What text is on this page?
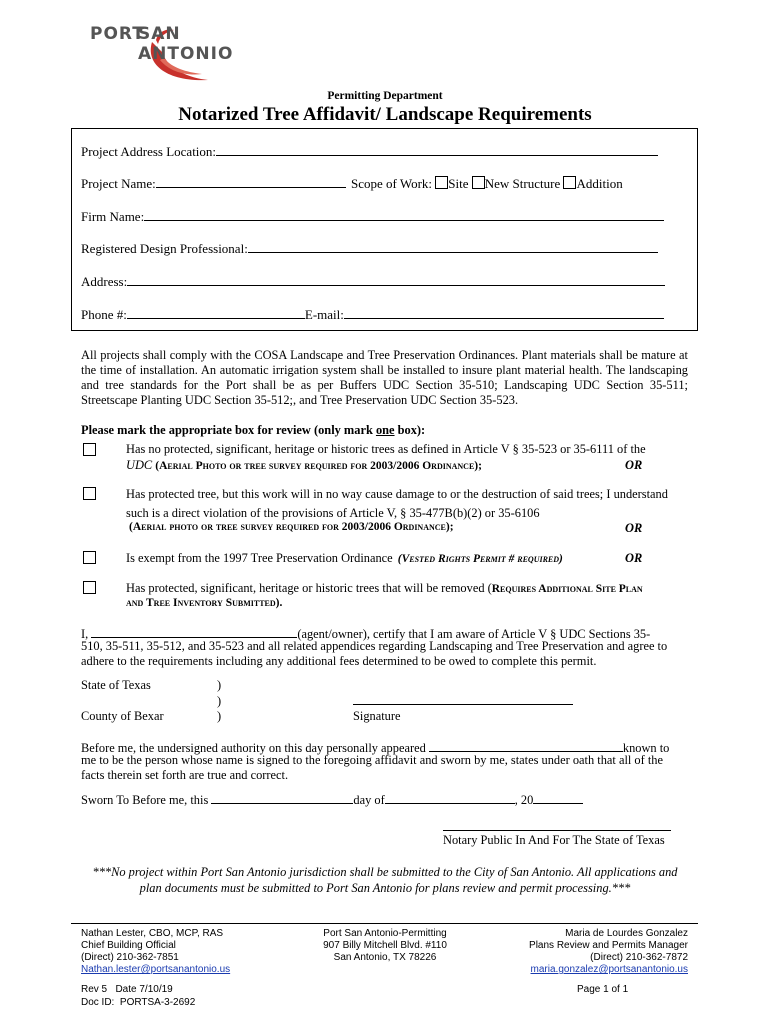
PORT
SAN ANTONIO
Permitting Department
Notarized Tree Affidavit/ Landscape Requirements
Project Address Location:
Project Name:	Scope of Work: Site New Structure Addition
Firm Name:
Registered Design Professional:
Address:
Phone #:	E-mail:
All projects shall comply with the COSA Landscape and Tree Preservation Ordinances. Plant materials shall be mature at the time of installation. An automatic irrigation system shall be installed to insure plant material health. The landscaping and tree standards for the Port shall be as per Buffers UDC Section 35-510; Landscaping UDC Section 35-511; Streetscape Planting UDC Section 35-512;, and Tree Preservation UDC Section 35-523.
Please mark the appropriate box for review (only mark one box):
Has no protected, significant, heritage or historic trees as defined in Article V § 35-523 or 35-6111 of the
UDC (Aerial Photo or tree survey required for 2003/2006 Ordinance);	OR
Has protected tree, but this work will in no way cause damage to or the destruction of said trees; I understand
such is a direct violation of the provisions of Article V, § 35-477B(b)(2) or 35-6106
(Aerial photo or tree survey required for 2003/2006 Ordinance);	OR
Is exempt from the 1997 Tree Preservation Ordinance (Vested Rights Permit # required)	OR
Has protected, significant, heritage or historic trees that will be removed (Requires Additional Site Plan
and Tree Inventory Submitted).
I,	(agent/owner), certify that I am aware of Article V § UDC Sections 35-
510, 35-511, 35-512, and 35-523 and all related appendices regarding Landscaping and Tree Preservation and agree to
adhere to the requirements including any additional fees determined to be owed to complete this permit.
State of Texas	)
)
)
County of Bexar	Signature
Before me, the undersigned authority on this day personally appeared	known to
me to be the person whose name is signed to the foregoing affidavit and sworn by me, states under oath that all of the
facts therein set forth are true and correct.
Sworn To Before me, this	day of	, 20
Notary Public In And For The State of Texas
***No project within Port San Antonio jurisdiction shall be submitted to the City of San Antonio. All applications and plan documents must be submitted to Port San Antonio for plans review and permit processing.***
Nathan Lester, CBO, MCP, RAS
Chief Building Official
(Direct) 210-362-7851
Nathan.lester@portsanantonio.us
Port San Antonio-Permitting
907 Billy Mitchell Blvd. #110
San Antonio, TX 78226
Maria de Lourdes Gonzalez
Plans Review and Permits Manager
(Direct) 210-362-7872
maria.gonzalez@portsanantonio.us
Rev 5   Date 7/10/19
Doc ID:  PORTSA-3-2692
Page 1 of 1
